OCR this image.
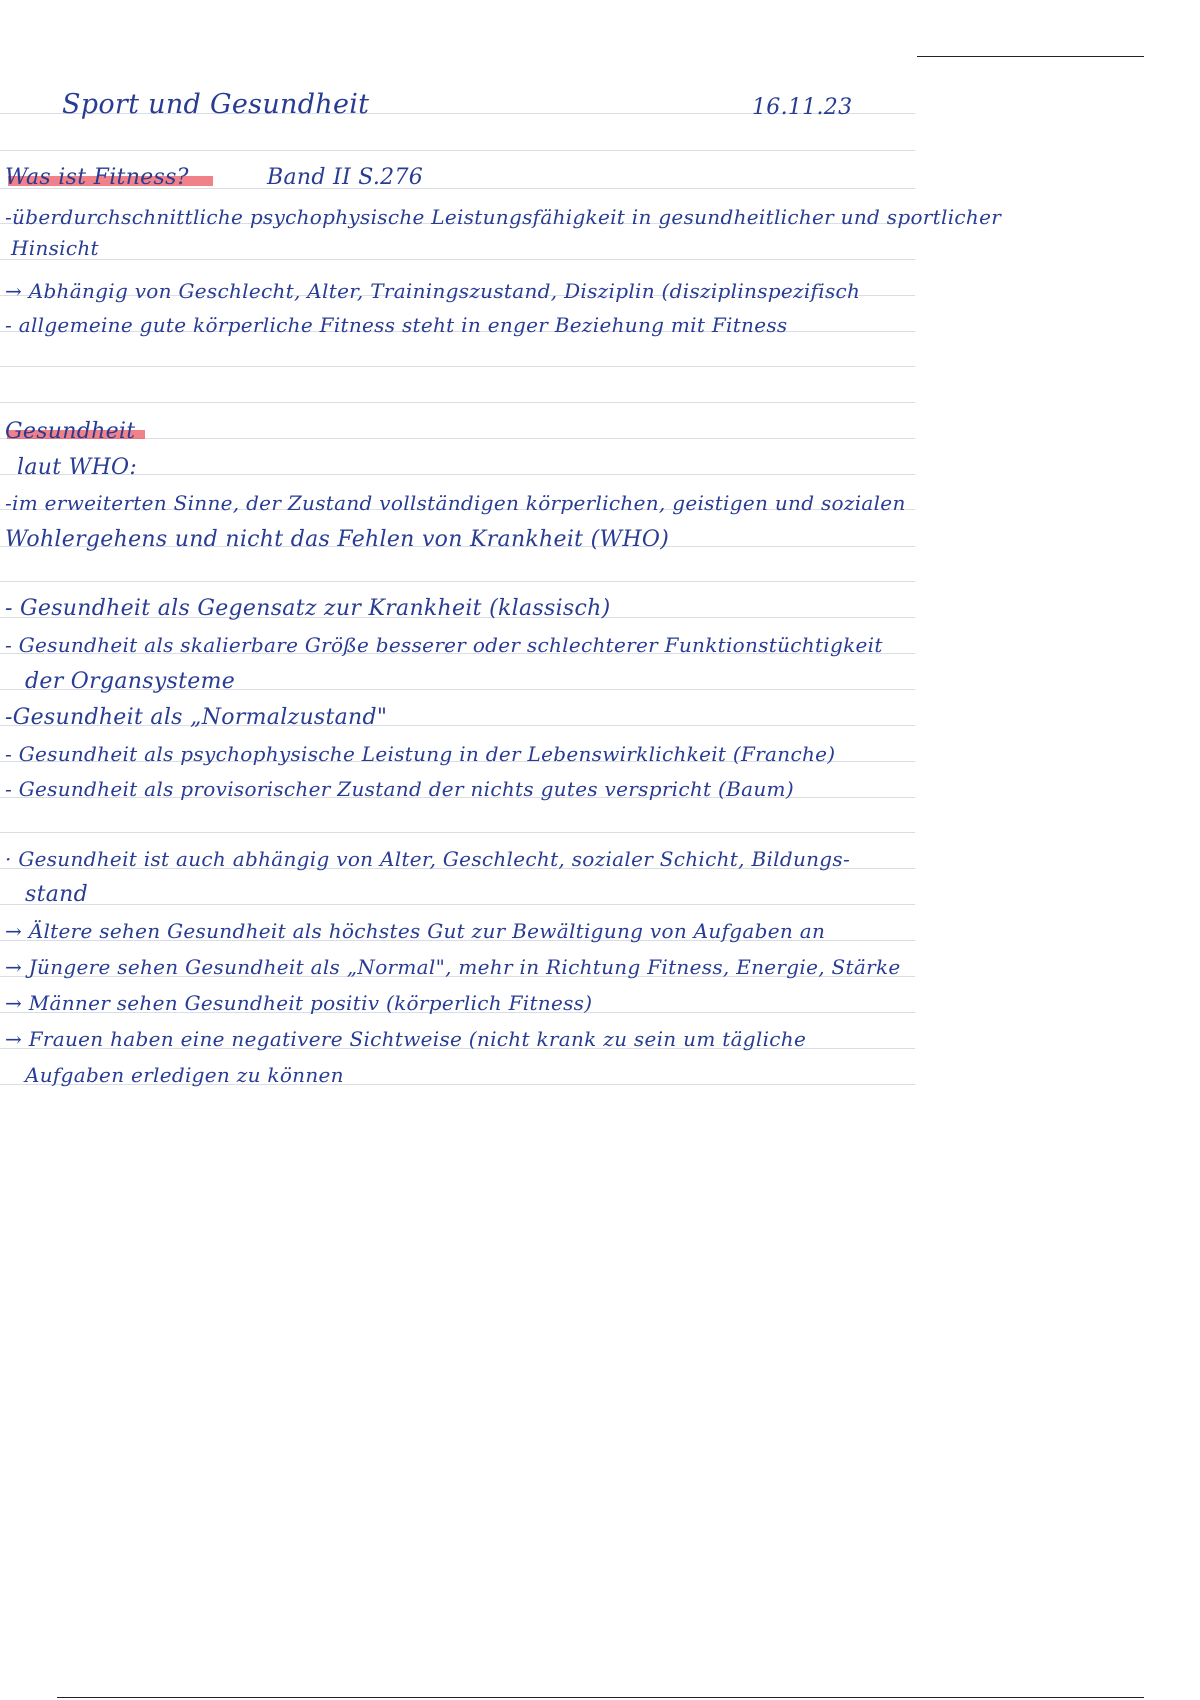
Sport und Gesundheit	16.11.23
Was ist Fitness?	Band II S.276
-überdurchschnittliche psychophysische Leistungsfähigkeit in gesundheitlicher und sportlicher
Hinsicht
→ Abhängig von Geschlecht, Alter, Trainingszustand, Disziplin (disziplinspezifisch
- allgemeine gute körperliche Fitness steht in enger Beziehung mit Fitness
Gesundheit
laut WHO:
-im erweiterten Sinne, der Zustand vollständigen körperlichen, geistigen und sozialen
Wohlergehens und nicht das Fehlen von Krankheit (WHO)
- Gesundheit als Gegensatz zur Krankheit (klassisch)
- Gesundheit als skalierbare Größe besserer oder schlechterer Funktionstüchtigkeit
der Organsysteme
-Gesundheit als „Normalzustand"
- Gesundheit als psychophysische Leistung in der Lebenswirklichkeit (Franche)
- Gesundheit als provisorischer Zustand der nichts gutes verspricht (Baum)
· Gesundheit ist auch abhängig von Alter, Geschlecht, sozialer Schicht, Bildungs-
stand
→ Ältere sehen Gesundheit als höchstes Gut zur Bewältigung von Aufgaben an
→ Jüngere sehen Gesundheit als „Normal", mehr in Richtung Fitness, Energie, Stärke
→ Männer sehen Gesundheit positiv (körperlich Fitness)
→ Frauen haben eine negativere Sichtweise (nicht krank zu sein um tägliche
Aufgaben erledigen zu können
